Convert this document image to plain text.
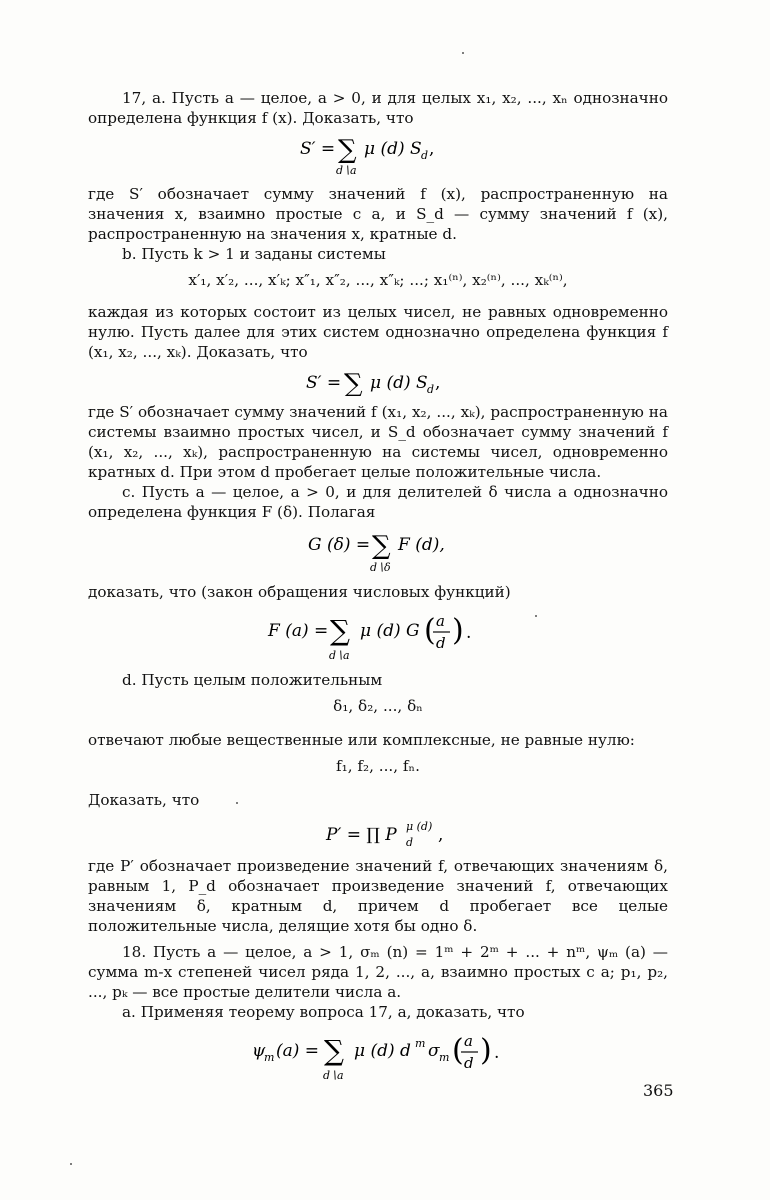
17, а. Пусть a — целое, a > 0, и для целых x₁, x₂, ..., xₙ однозначно определена функция f (x). Доказать, что

S′ = ∑
d∖a
μ (d) S d ,

где S′ обозначает сумму значений f (x), распространенную на значения x, взаимно простые с a, и S_d — сумму значений f (x), распространенную на значения x, кратные d.

b. Пусть k > 1 и заданы системы

x′₁, x′₂, ..., x′ₖ; x″₁, x″₂, ..., x″ₖ; ...; x₁⁽ⁿ⁾, x₂⁽ⁿ⁾, ..., xₖ⁽ⁿ⁾,

каждая из которых состоит из целых чисел, не равных одновременно нулю. Пусть далее для этих систем однозначно определена функция f (x₁, x₂, ..., xₖ). Доказать, что

S′ = ∑ μ (d) S d ,

где S′ обозначает сумму значений f (x₁, x₂, ..., xₖ), распространенную на системы взаимно простых чисел, и S_d обозначает сумму значений f (x₁, x₂, ..., xₖ), распространенную на системы чисел, одновременно кратных d. При этом d пробегает целые положительные числа.

с. Пусть a — целое, a > 0, и для делителей δ числа a однозначно определена функция F (δ). Полагая

G (δ) = ∑
d∖δ
F (d),

доказать, что (закон обращения числовых функций)

F (a) = ∑
d∖a
μ (d) G ( a
d ) .

d. Пусть целым положительным

δ₁, δ₂, ..., δₙ

отвечают любые вещественные или комплексные, не равные нулю:

f₁, f₂, ..., fₙ.

Доказать, что

P′ = ∏ P d
μ (d) ,

где P′ обозначает произведение значений f, отвечающих значениям δ, равным 1, P_d обозначает произведение значений f, отвечающих значениям δ, кратным d, причем d пробегает все целые положительные числа, делящие хотя бы одно δ.

18. Пусть a — целое, a > 1, σₘ (n) = 1ᵐ + 2ᵐ + ... + nᵐ, ψₘ (a) — сумма m-х степеней чисел ряда 1, 2, ..., a, взаимно простых с a; p₁, p₂, ..., pₖ — все простые делители числа a.

a. Применяя теорему вопроса 17, а, доказать, что

ψ
m (a) = ∑
d∖a
μ (d) d m σ m ( a
d ) .
365
